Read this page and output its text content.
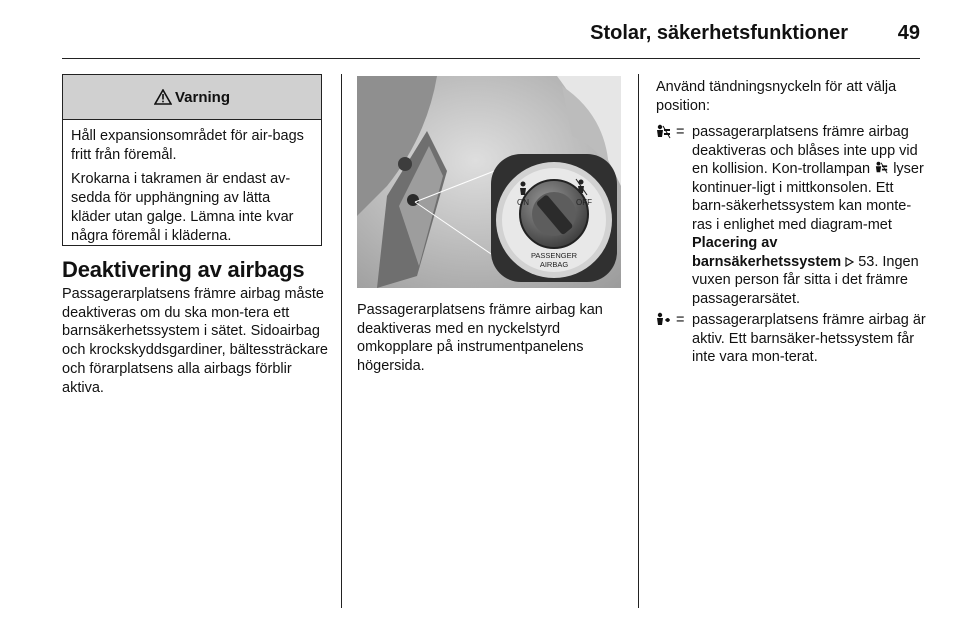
Stolar, säkerhetsfunktioner 49
Varning

Håll expansionsområdet för air-bags fritt från föremål.

Krokarna i takramen är endast av-sedda för upphängning av lätta kläder utan galge. Lämna inte kvar några föremål i kläderna.

Deaktivering av airbags

Passagerarplatsens främre airbag måste deaktiveras om du ska mon-tera ett barnsäkerhetssystem i sätet. Sidoairbag och krockskyddsgardiner, bältessträckare och förarplatsens alla airbags förblir aktiva.

ON	OFF
PASSENGER
AIRBAG

Passagerarplatsens främre airbag kan deaktiveras med en nyckelstyrd omkopplare på instrumentpanelens högersida.

Använd tändningsnyckeln för att välja position:

= passagerarplatsens främre airbag deaktiveras och blåses inte upp vid en kollision. Kon-trollampan lyser kontinuer-ligt i mittkonsolen. Ett barn-säkerhetssystem kan monte-ras i enlighet med diagram-met Placering av barnsäkerhetssystem 53. Ingen vuxen person får sitta i det främre passagerarsätet.
= passagerarplatsens främre airbag är aktiv. Ett barnsäker-hetssystem får inte vara mon-terat.
